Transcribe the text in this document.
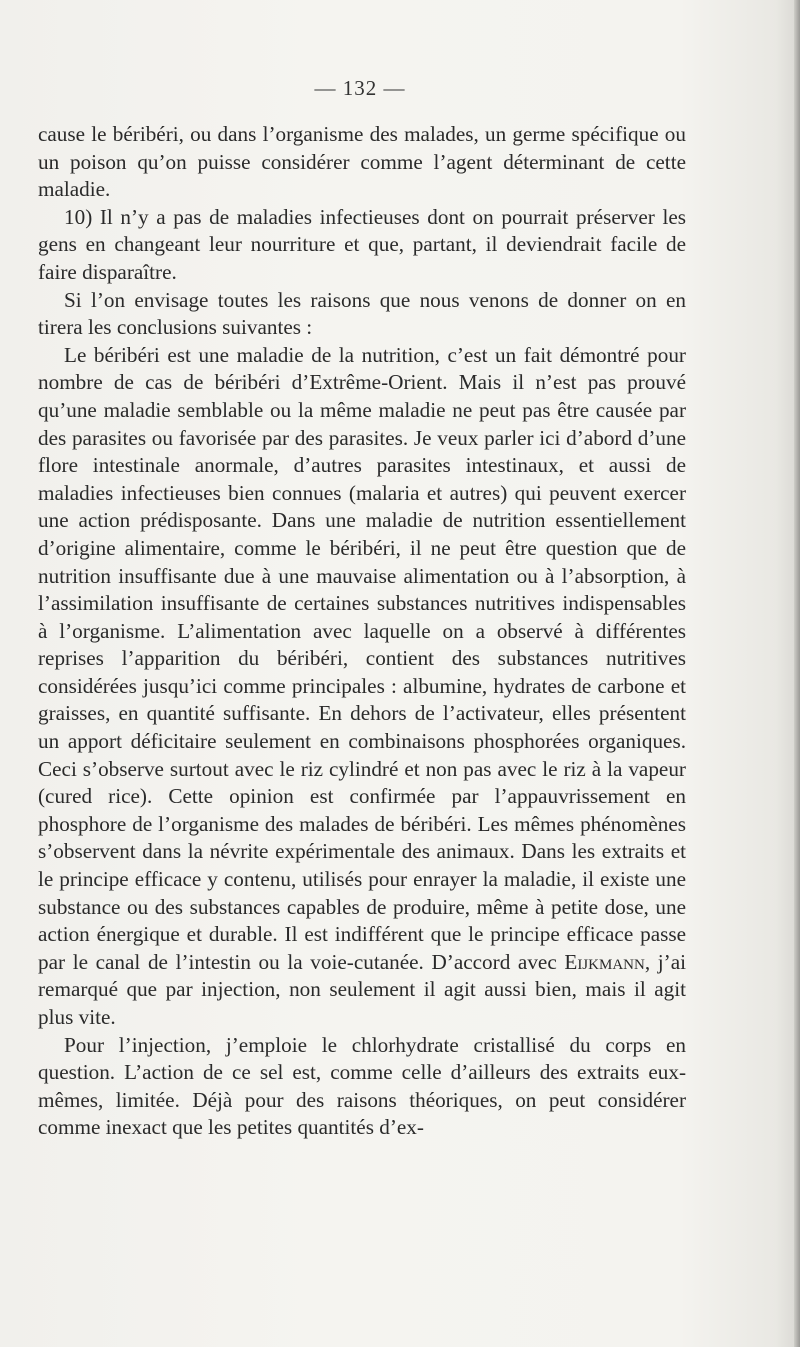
— 132 —

cause le béribéri, ou dans l’organisme des malades, un germe spécifique ou un poison qu’on puisse considérer comme l’agent déterminant de cette maladie.

10) Il n’y a pas de maladies infectieuses dont on pourrait préserver les gens en changeant leur nourriture et que, partant, il deviendrait facile de faire disparaître.

Si l’on envisage toutes les raisons que nous venons de donner on en tirera les conclusions suivantes :

Le béribéri est une maladie de la nutrition, c’est un fait démontré pour nombre de cas de béribéri d’Extrême-Orient. Mais il n’est pas prouvé qu’une maladie semblable ou la même maladie ne peut pas être causée par des parasites ou favorisée par des parasites. Je veux parler ici d’abord d’une flore intestinale anormale, d’autres parasites intestinaux, et aussi de maladies infectieuses bien connues (malaria et autres) qui peuvent exercer une action prédisposante. Dans une maladie de nutrition essentiellement d’origine alimentaire, comme le béribéri, il ne peut être question que de nutrition insuffisante due à une mauvaise alimentation ou à l’absorption, à l’assimilation insuffisante de certaines substances nutritives indispensables à l’organisme. L’alimentation avec laquelle on a observé à différentes reprises l’apparition du béribéri, contient des substances nutritives considérées jusqu’ici comme principales : albumine, hydrates de carbone et graisses, en quantité suffisante. En dehors de l’activateur, elles présentent un apport déficitaire seulement en combinaisons phosphorées organiques. Ceci s’observe surtout avec le riz cylindré et non pas avec le riz à la vapeur (cured rice). Cette opinion est confirmée par l’appauvrissement en phosphore de l’organisme des malades de béribéri. Les mêmes phénomènes s’observent dans la névrite expérimentale des animaux. Dans les extraits et le principe efficace y contenu, utilisés pour enrayer la maladie, il existe une substance ou des substances capables de produire, même à petite dose, une action énergique et durable. Il est indifférent que le principe efficace passe par le canal de l’intestin ou la voie-cutanée. D’accord avec Eijkmann, j’ai remarqué que par injection, non seulement il agit aussi bien, mais il agit plus vite.

Pour l’injection, j’emploie le chlorhydrate cristallisé du corps en question. L’action de ce sel est, comme celle d’ailleurs des extraits eux-mêmes, limitée. Déjà pour des raisons théoriques, on peut considérer comme inexact que les petites quantités d’ex-
